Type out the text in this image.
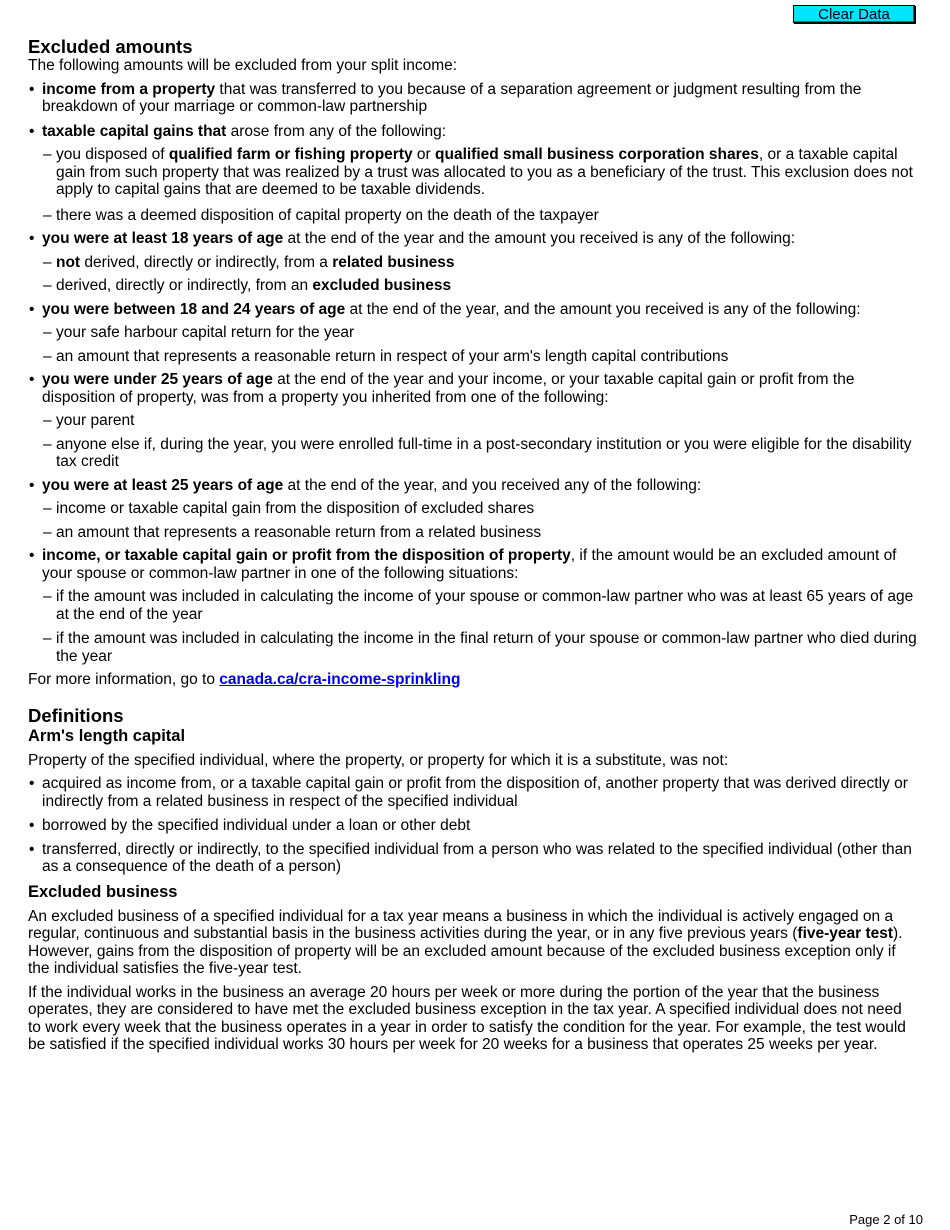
Clear Data
Excluded amounts

The following amounts will be excluded from your split income:

• income from a property that was transferred to you because of a separation agreement or judgment resulting from the breakdown of your marriage or common-law partnership
• taxable capital gains that arose from any of the following:
– you disposed of qualified farm or fishing property or qualified small business corporation shares, or a taxable capital gain from such property that was realized by a trust was allocated to you as a beneficiary of the trust. This exclusion does not apply to capital gains that are deemed to be taxable dividends.
– there was a deemed disposition of capital property on the death of the taxpayer
• you were at least 18 years of age at the end of the year and the amount you received is any of the following:
– not derived, directly or indirectly, from a related business
– derived, directly or indirectly, from an excluded business
• you were between 18 and 24 years of age at the end of the year, and the amount you received is any of the following:
– your safe harbour capital return for the year
– an amount that represents a reasonable return in respect of your arm's length capital contributions
• you were under 25 years of age at the end of the year and your income, or your taxable capital gain or profit from the disposition of property, was from a property you inherited from one of the following:
– your parent
– anyone else if, during the year, you were enrolled full-time in a post-secondary institution or you were eligible for the disability tax credit
• you were at least 25 years of age at the end of the year, and you received any of the following:
– income or taxable capital gain from the disposition of excluded shares
– an amount that represents a reasonable return from a related business
• income, or taxable capital gain or profit from the disposition of property, if the amount would be an excluded amount of your spouse or common-law partner in one of the following situations:
– if the amount was included in calculating the income of your spouse or common-law partner who was at least 65 years of age at the end of the year
– if the amount was included in calculating the income in the final return of your spouse or common-law partner who died during the year

For more information, go to canada.ca/cra-income-sprinkling

Definitions
Arm's length capital

Property of the specified individual, where the property, or property for which it is a substitute, was not:

• acquired as income from, or a taxable capital gain or profit from the disposition of, another property that was derived directly or indirectly from a related business in respect of the specified individual
• borrowed by the specified individual under a loan or other debt
• transferred, directly or indirectly, to the specified individual from a person who was related to the specified individual (other than as a consequence of the death of a person)
Excluded business

An excluded business of a specified individual for a tax year means a business in which the individual is actively engaged on a regular, continuous and substantial basis in the business activities during the year, or in any five previous years (five-year test). However, gains from the disposition of property will be an excluded amount because of the excluded business exception only if the individual satisfies the five-year test.

If the individual works in the business an average 20 hours per week or more during the portion of the year that the business operates, they are considered to have met the excluded business exception in the tax year. A specified individual does not need to work every week that the business operates in a year in order to satisfy the condition for the year. For example, the test would be satisfied if the specified individual works 30 hours per week for 20 weeks for a business that operates 25 weeks per year.

Page 2 of 10
